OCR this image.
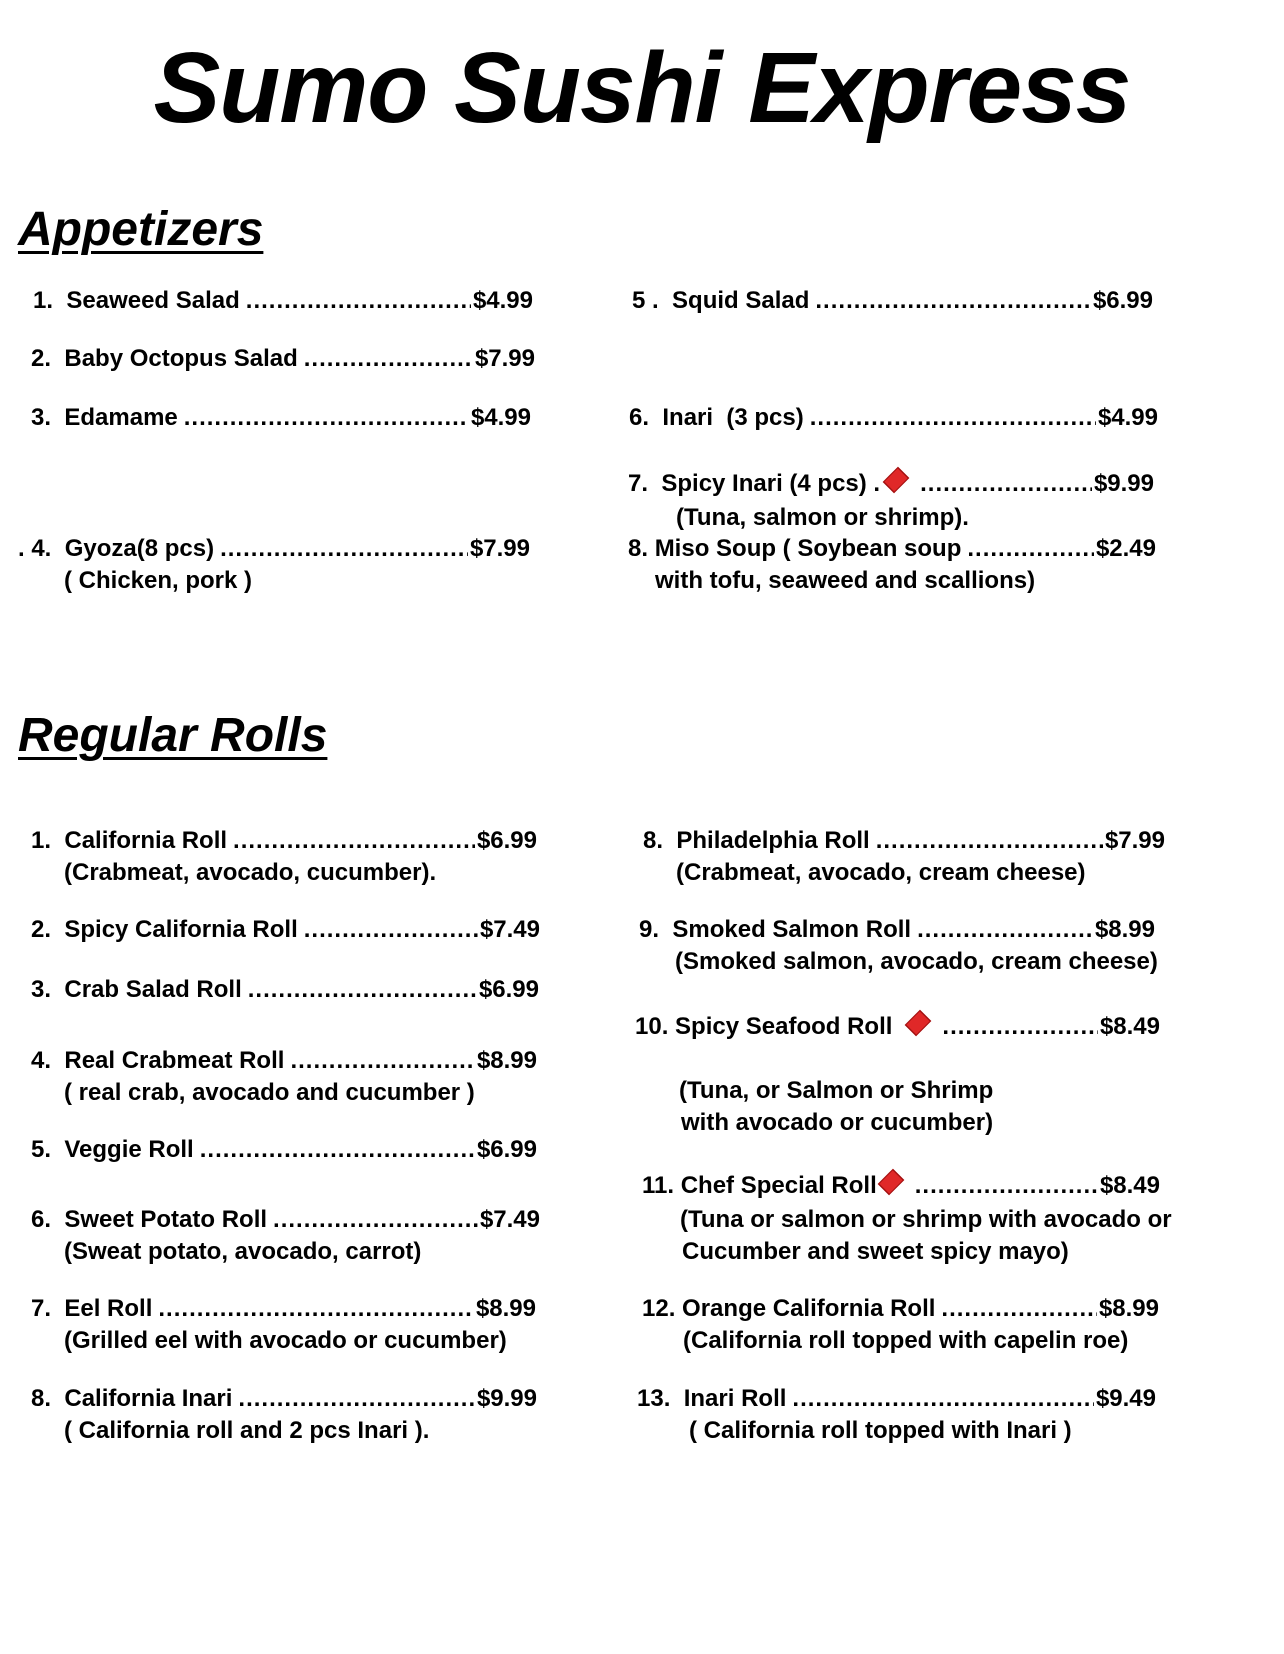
Sumo Sushi Express
Appetizers
1.
Seaweed Salad .....	$4.99
2.
Baby Octopus Salad .....	$7.99
3.
Edamame .....	$4.99
. 4.
Gyoza(8 pcs) .....	$7.99
( Chicken, pork )
5 .
Squid Salad .....	$6.99
6.
Inari  (3 pcs) .....	$4.99
7.
Spicy Inari (4 pcs) . .....	$9.99
(Tuna, salmon or shrimp).
8.
Miso Soup ( Soybean soup .....	$2.49
with tofu, seaweed and scallions)
Regular Rolls
1.
California Roll .....	$6.99
(Crabmeat, avocado, cucumber).
2.
Spicy California Roll .....	$7.49
3.
Crab Salad Roll .....	$6.99
4.
Real Crabmeat Roll .....	$8.99
( real crab, avocado and cucumber )
5.
Veggie Roll .....	$6.99
6.
Sweet Potato Roll .....	$7.49
(Sweat potato, avocado, carrot)
7.
Eel Roll .....	$8.99
(Grilled eel with avocado or cucumber)
8.
California Inari .....	$9.99
( California roll and 2 pcs Inari ).
8.
Philadelphia Roll .....	$7.99
(Crabmeat, avocado, cream cheese)
9.
Smoked Salmon Roll .....	$8.99
(Smoked salmon, avocado, cream cheese)
10.
Spicy Seafood Roll .....	$8.49
(Tuna, or Salmon or Shrimp
with avocado or cucumber)
11.
Chef Special Roll .....	$8.49
(Tuna or salmon or shrimp with avocado or
Cucumber and sweet spicy mayo)
12.
Orange California Roll .....	$8.99
(California roll topped with capelin roe)
13.
Inari Roll .....	$9.49
( California roll topped with Inari )
